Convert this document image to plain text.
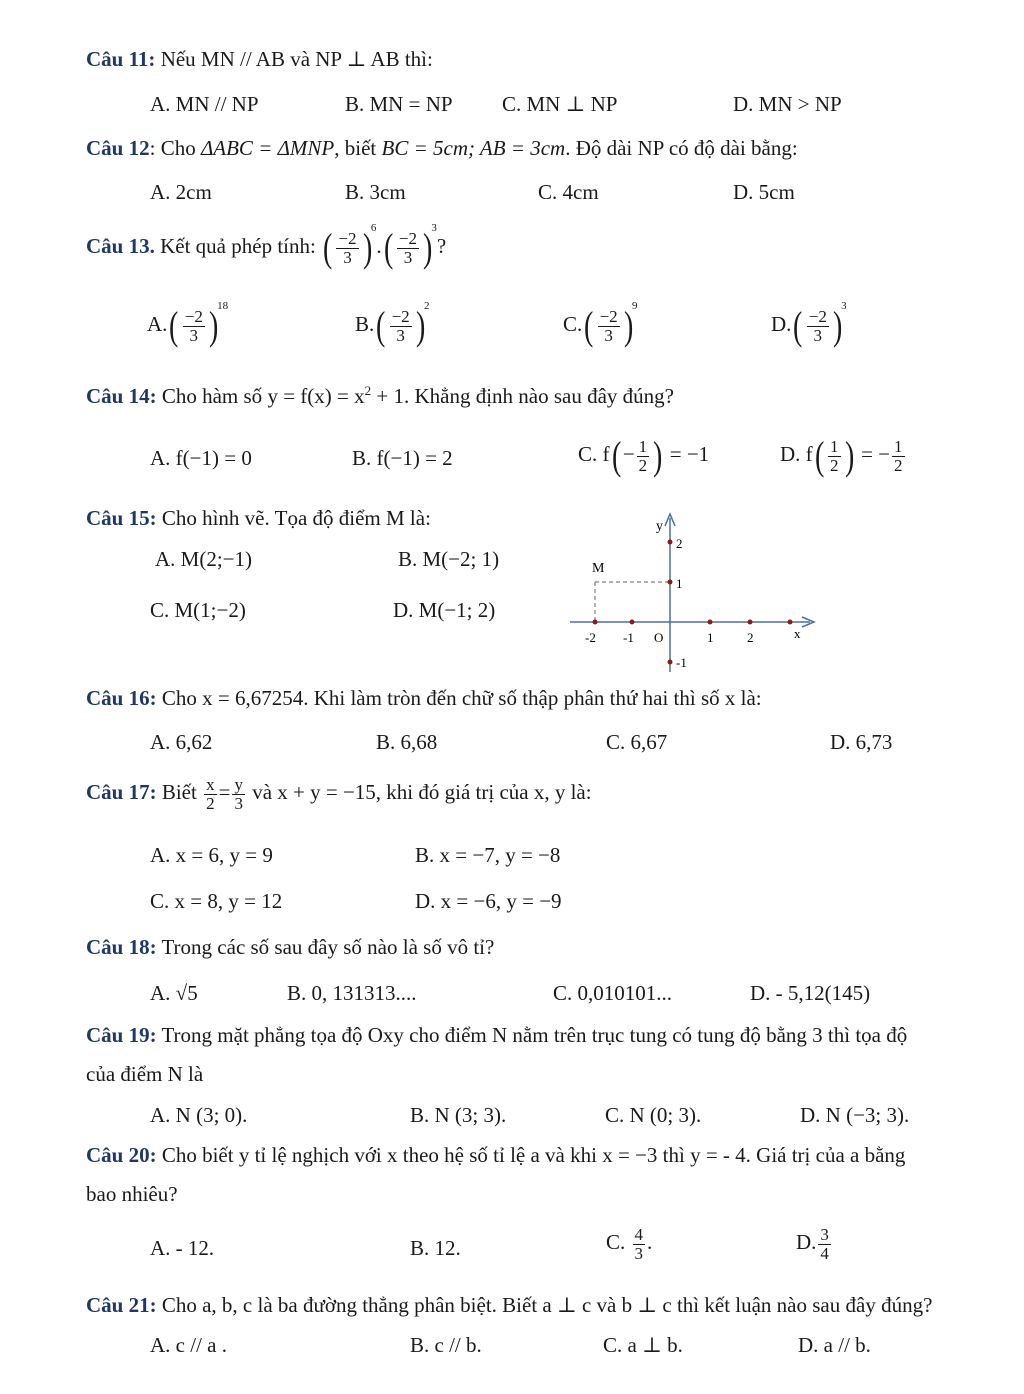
Câu 11: Nếu MN // AB và NP ⊥ AB thì:
A. MN // NP	B. MN = NP C. MN ⊥ NP	D. MN > NP
Câu 12: Cho ΔABC = ΔMNP, biết BC = 5cm; AB = 3cm. Độ dài NP có độ dài bằng:
A. 2cm	B. 3cm	C. 4cm	D. 5cm
Câu 13. Kết quả phép tính: ( $\frac{-2}{3} )^6.( \frac{-2}{3} )^3$?
$A.( \frac{-2}{3} )^{18}$
$B.( \frac{-2}{3} )^2$
$C.( \frac{-2}{3} )^9$
$D.( \frac{-2}{3} )^3$
Câu 14: Cho hàm số $y = f(x) = x^2 + 1$. Khẳng định nào sau đây đúng?
A. f(−1) = 0	B. f(−1) = 2	C. $f(- \frac{1}{2}$ ) = −1	D. $f( \frac{1}{2}$ ) = − $\frac{1}{2}$
Câu 15: Cho hình vẽ. Tọa độ điểm M là:
A. M(2;−1)	B. M(−2; 1)
C. M(1;−2)	D. M(−1; 2)
y
2
1
-1
M
-2 -1 O	1	2	x
Câu 16: Cho x = 6,67254. Khi làm tròn đến chữ số thập phân thứ hai thì số x là:
A. 6,62	B. 6,68	C. 6,67	D. 6,73
Câu 17: Biết $\frac{x}{2} = \frac{y}{3}$ và x + y = −15, khi đó giá trị của x, y là:
A. x = 6, y = 9	B. x = −7, y = −8
C. x = 8, y = 12	D. x = −6, y = −9
Câu 18: Trong các số sau đây số nào là số vô tỉ?
A. √5	B. 0, 131313....	C. 0,010101...	D. - 5,12(145)
Câu 19: Trong mặt phẳng tọa độ Oxy cho điểm N nằm trên trục tung có tung độ bằng 3 thì tọa độ
của điểm N là
A. N (3; 0).	B. N (3; 3).	C. N (0; 3).	D. N (−3; 3).
Câu 20: Cho biết y tỉ lệ nghịch với x theo hệ số tỉ lệ a và khi x = −3 thì y = - 4. Giá trị của a bằng
bao nhiêu?
A. - 12.	B. 12.	C. $\frac{4}{3}$ .	D. $\frac{3}{4}$
Câu 21: Cho a, b, c là ba đường thẳng phân biệt. Biết a ⊥ c và b ⊥ c thì kết luận nào sau đây đúng?
A. c // a .	B. c // b.	C. a ⊥ b.	D. a // b.
